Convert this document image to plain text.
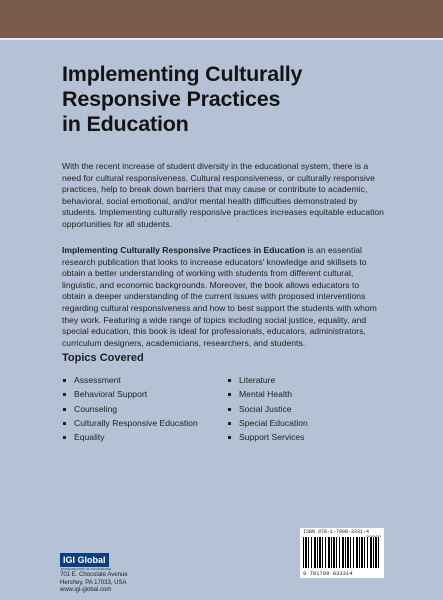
Implementing Culturally
Responsive Practices
in Education

With the recent increase of student diversity in the educational system, there is a need for cultural responsiveness. Cultural responsiveness, or culturally responsive practices, help to break down barriers that may cause or contribute to academic, behavioral, social emotional, and/or mental health difficulties demonstrated by students. Implementing culturally responsive practices increases equitable education opportunities for all students.

Implementing Culturally Responsive Practices in Education is an essential research publication that looks to increase educators' knowledge and skillsets to obtain a better understanding of working with students from different cultural, linguistic, and economic backgrounds. Moreover, the book allows educators to obtain a deeper understanding of the current issues with proposed interventions regarding cultural responsiveness and how to best support the students with whom they work. Featuring a wide range of topics including social justice, equality, and special education, this book is ideal for professionals, educators, administrators, curriculum designers, academicians, researchers, and students.

Topics Covered
Assessment
Behavioral Support
Counseling
Culturally Responsive Education
Equality
Literature
Mental Health
Social Justice
Special Education
Support Services
IGI Global
DISSEMINATOR OF KNOWLEDGE
701 E. Chocolate Avenue
Hershey, PA 17033, USA
www.igi-global.com
ISBN 978-1-7998-3331-4
9 781799 833314
